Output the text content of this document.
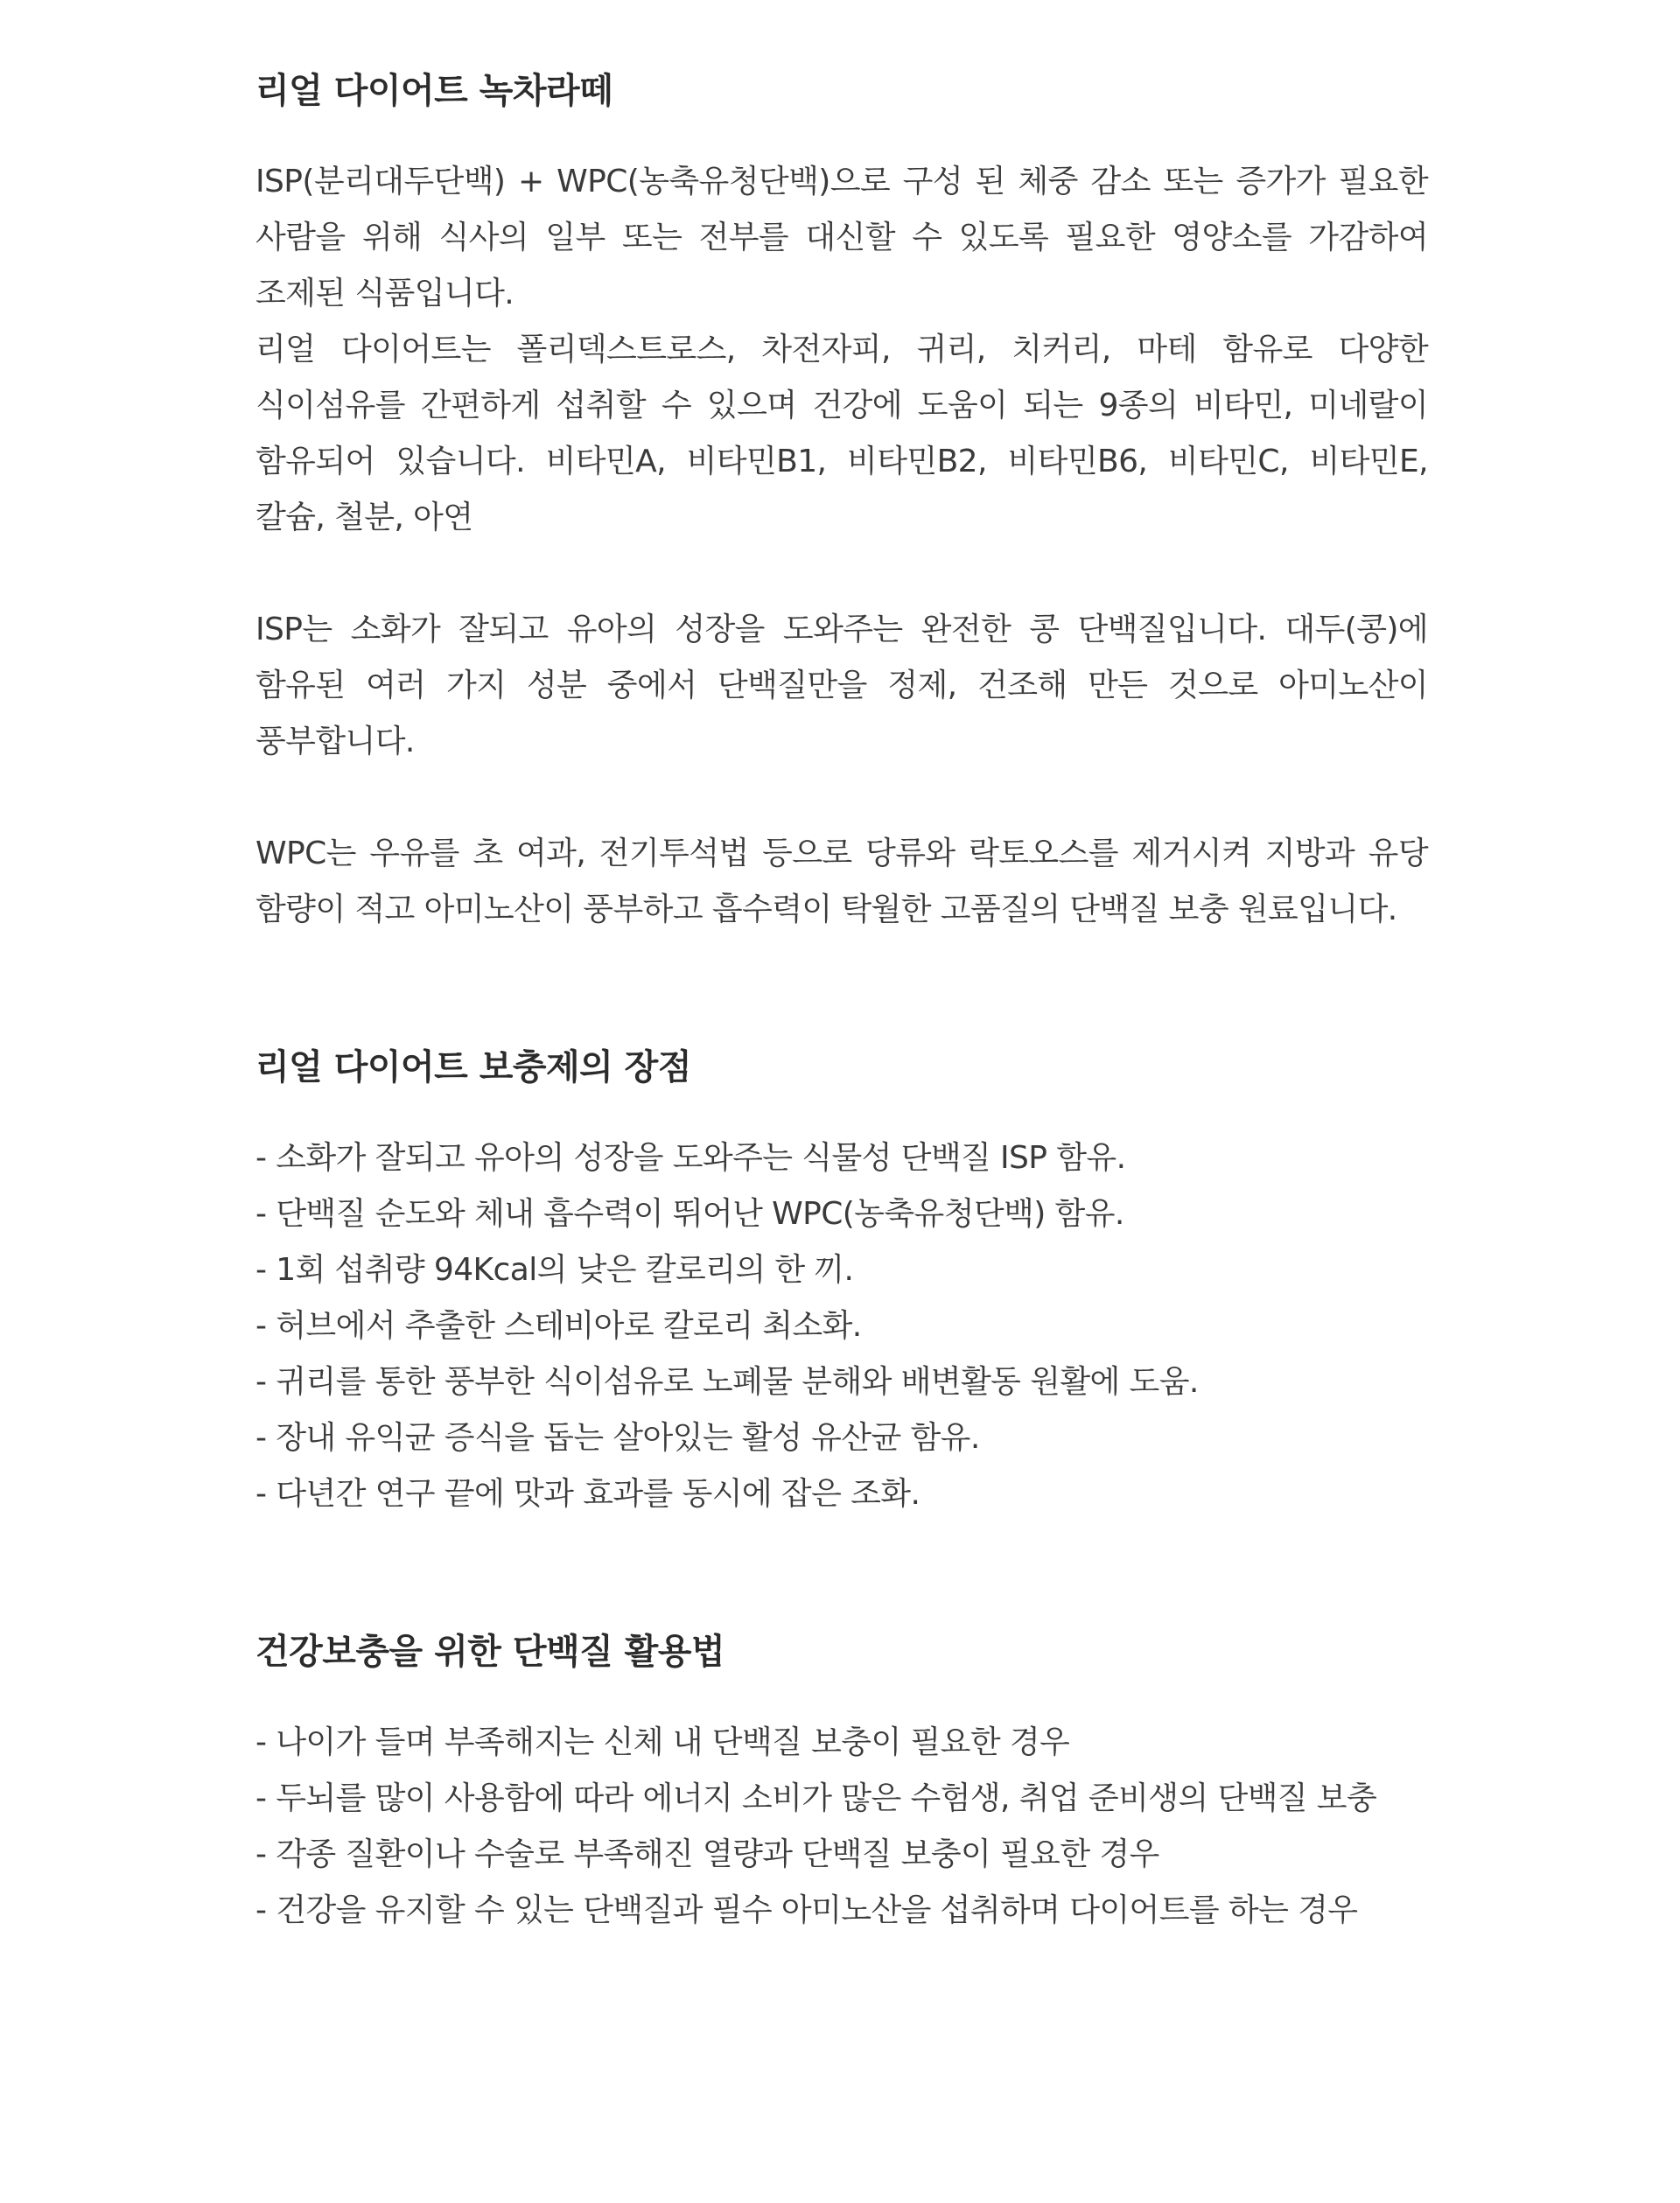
리얼 다이어트 녹차라떼

ISP(분리대두단백) + WPC(농축유청단백)으로 구성 된 체중 감소 또는 증가가 필요한 사람을 위해 식사의 일부 또는 전부를 대신할 수 있도록 필요한 영양소를 가감하여 조제된 식품입니다.

리얼 다이어트는 폴리덱스트로스, 차전자피, 귀리, 치커리, 마테 함유로 다양한 식이섬유를 간편하게 섭취할 수 있으며 건강에 도움이 되는 9종의 비타민, 미네랄이 함유되어 있습니다. 비타민A, 비타민B1, 비타민B2, 비타민B6, 비타민C, 비타민E, 칼슘, 철분, 아연

ISP는 소화가 잘되고 유아의 성장을 도와주는 완전한 콩 단백질입니다. 대두(콩)에 함유된 여러 가지 성분 중에서 단백질만을 정제, 건조해 만든 것으로 아미노산이 풍부합니다.

WPC는 우유를 초 여과, 전기투석법 등으로 당류와 락토오스를 제거시켜 지방과 유당 함량이 적고 아미노산이 풍부하고 흡수력이 탁월한 고품질의 단백질 보충 원료입니다.

리얼 다이어트 보충제의 장점
- 소화가 잘되고 유아의 성장을 도와주는 식물성 단백질 ISP 함유.
- 단백질 순도와 체내 흡수력이 뛰어난 WPC(농축유청단백) 함유.
- 1회 섭취량 94Kcal의 낮은 칼로리의 한 끼.
- 허브에서 추출한 스테비아로 칼로리 최소화.
- 귀리를 통한 풍부한 식이섬유로 노폐물 분해와 배변활동 원활에 도움.
- 장내 유익균 증식을 돕는 살아있는 활성 유산균 함유.
- 다년간 연구 끝에 맛과 효과를 동시에 잡은 조화.
건강보충을 위한 단백질 활용법
- 나이가 들며 부족해지는 신체 내 단백질 보충이 필요한 경우
- 두뇌를 많이 사용함에 따라 에너지 소비가 많은 수험생, 취업 준비생의 단백질 보충
- 각종 질환이나 수술로 부족해진 열량과 단백질 보충이 필요한 경우
- 건강을 유지할 수 있는 단백질과 필수 아미노산을 섭취하며 다이어트를 하는 경우
